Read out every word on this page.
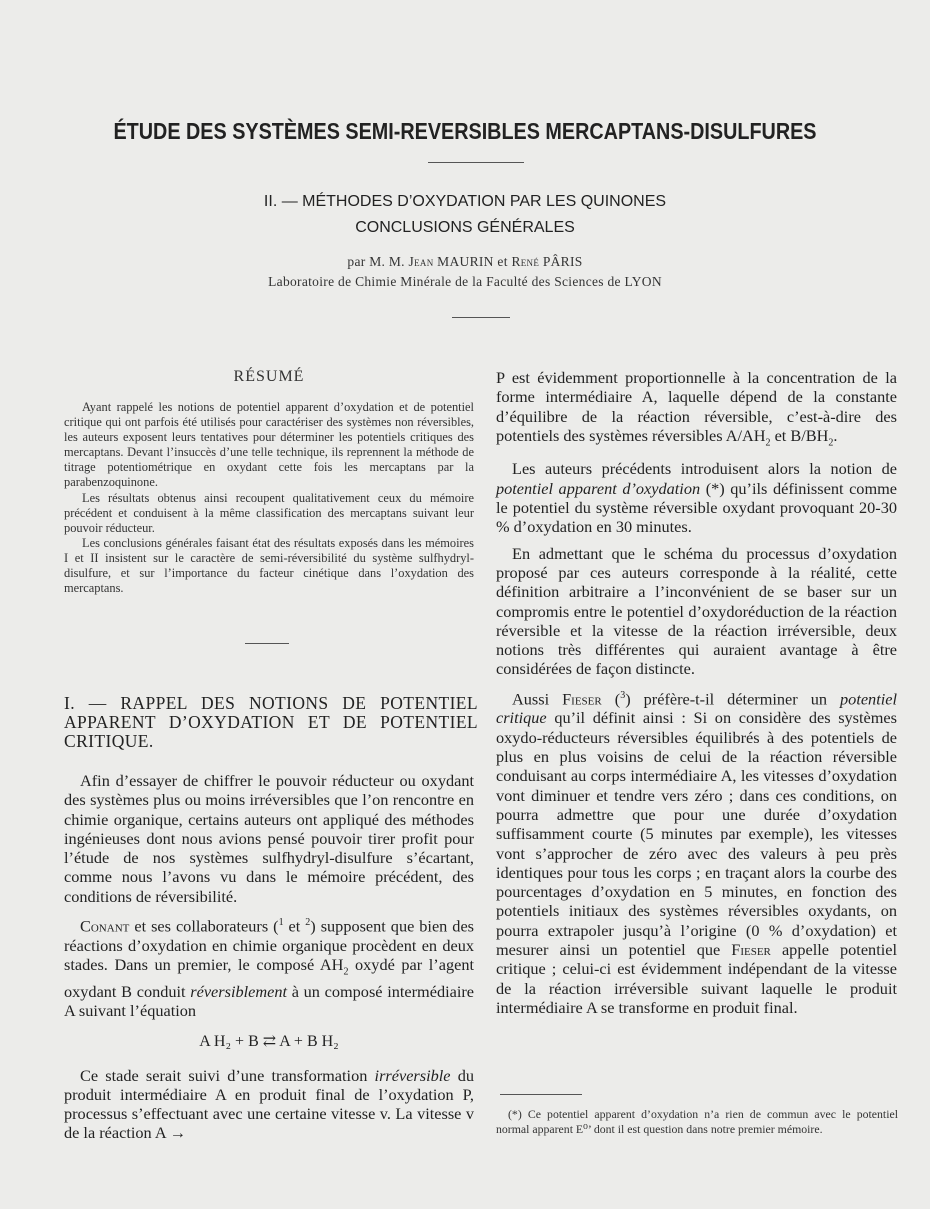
ÉTUDE DES SYSTÈMES SEMI-REVERSIBLES MERCAPTANS-DISULFURES
II. — MÉTHODES D’OXYDATION PAR LES QUINONES
CONCLUSIONS GÉNÉRALES
par M. M. Jean MAURIN et René PÂRIS
Laboratoire de Chimie Minérale de la Faculté des Sciences de LYON
RÉSUMÉ

Ayant rappelé les notions de potentiel apparent d’oxydation et de potentiel critique qui ont parfois été utilisés pour caractériser des systèmes non réversibles, les auteurs exposent leurs tentatives pour déterminer les potentiels critiques des mercaptans. Devant l’insuccès d’une telle technique, ils reprennent la méthode de titrage potentiométrique en oxydant cette fois les mercaptans par la parabenzoquinone.

Les résultats obtenus ainsi recoupent qualitativement ceux du mémoire précédent et conduisent à la même classification des mercaptans suivant leur pouvoir réducteur.

Les conclusions générales faisant état des résultats exposés dans les mémoires I et II insistent sur le caractère de semi-réversibilité du système sulfhydryl-disulfure, et sur l’importance du facteur cinétique dans l’oxydation des mercaptans.

I. — RAPPEL DES NOTIONS DE POTENTIEL APPARENT D’OXYDATION ET DE POTENTIEL CRITIQUE.

Afin d’essayer de chiffrer le pouvoir réducteur ou oxydant des systèmes plus ou moins irréversibles que l’on rencontre en chimie organique, certains auteurs ont appliqué des méthodes ingénieuses dont nous avions pensé pouvoir tirer profit pour l’étude de nos systèmes sulfhydryl-disulfure s’écartant, comme nous l’avons vu dans le mémoire précédent, des conditions de réversibilité.

Conant et ses collaborateurs ($^1$ et $^2$) supposent que bien des réactions d’oxydation en chimie organique procèdent en deux stades. Dans un premier, le composé $AH_2$ oxydé par l’agent oxydant B conduit réversiblement à un composé intermédiaire A suivant l’équation

A H₂ + B ⇄ A + B H₂

Ce stade serait suivi d’une transformation irréversible du produit intermédiaire A en produit final de l’oxydation P, processus s’effectuant avec une certaine vitesse v. La vitesse v de la réaction A →

P est évidemment proportionnelle à la concentration de la forme intermédiaire A, laquelle dépend de la constante d’équilibre de la réaction réversible, c’est-à-dire des potentiels des systèmes réversibles $A/AH_2$ et $B/BH_2$.

Les auteurs précédents introduisent alors la notion de potentiel apparent d’oxydation (*) qu’ils définissent comme le potentiel du système réversible oxydant provoquant 20-30 % d’oxydation en 30 minutes.

En admettant que le schéma du processus d’oxydation proposé par ces auteurs corresponde à la réalité, cette définition arbitraire a l’inconvénient de se baser sur un compromis entre le potentiel d’oxydoréduction de la réaction réversible et la vitesse de la réaction irréversible, deux notions très différentes qui auraient avantage à être considérées de façon distincte.

Aussi Fieser ($^3$) préfère-t-il déterminer un potentiel critique qu’il définit ainsi : Si on considère des systèmes oxydo-réducteurs réversibles équilibrés à des potentiels de plus en plus voisins de celui de la réaction réversible conduisant au corps intermédiaire A, les vitesses d’oxydation vont diminuer et tendre vers zéro ; dans ces conditions, on pourra admettre que pour une durée d’oxydation suffisamment courte (5 minutes par exemple), les vitesses vont s’approcher de zéro avec des valeurs à peu près identiques pour tous les corps ; en traçant alors la courbe des pourcentages d’oxydation en 5 minutes, en fonction des potentiels initiaux des systèmes réversibles oxydants, on pourra extrapoler jusqu’à l’origine (0 % d’oxydation) et mesurer ainsi un potentiel que Fieser appelle potentiel critique ; celui-ci est évidemment indépendant de la vitesse de la réaction irréversible suivant laquelle le produit intermédiaire A se transforme en produit final.

(*) Ce potentiel apparent d’oxydation n’a rien de commun avec le potentiel normal apparent E⁰’ dont il est question dans notre premier mémoire.
